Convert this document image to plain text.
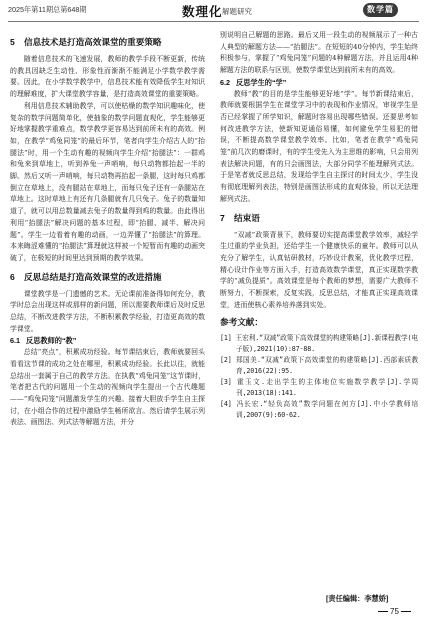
2025年第11期总第648期	数理化 解题研究	数学篇
5 信息技术是打造高效课堂的重要策略

随着信息技术的飞速发展，教师的教学手段不断更新，传统的教具因缺乏生动性、形象性而渐渐不能满足小学数学教学需要。因此，在小学数学教学中，信息技术能有效降低学生对知识的理解难度，扩大课堂教学容量，是打造高效课堂的重要策略。

利用信息技术辅助教学，可以使枯燥的数学知识趣味化，使复杂的数学问题简单化，使抽象的数学问题直观化，学生能够更好地掌握教学重难点，数学教学更容易达到前所未有的高效。例如，在教学“鸡兔同笼”的最后环节，笔者向学生介绍古人的“抬腿法”时，用一个生动有趣的视频向学生介绍“抬腿法”：一群鸡和兔来到草地上，听到养兔一声哨响，每只动物都抬起一半的脚。然后又听一声哨响，每只动物再抬起一条腿，这时每只鸡都倒立在草地上，没有腿站在草地上，而每只兔子还有一条腿站在草地上。这时草地上有还有几条腿就有几只兔子。兔子的数量知道了，就可以用总数量减去兔子的数量得到鸡的数量。由此得出利用“抬腿法”解决问题的基本过程，即“抬腿、减半、解决问题”。学生一边看着有趣的动画，一边弄懂了“抬腿法”的算理。本来晦涩难懂的“抬腿法”算理就这样被一个短暂而有趣的动画突破了，在极短的时间里达到预期的教学效果。

6 反思总结是打造高效课堂的改进措施

课堂教学是一门遗憾的艺术。无论课前准备得如何充分，教学时总会出现这样或那样的新问题，所以需要教师课后及时反思总结，不断改进教学方法，不断积累教学经验，打造更高效的数学课堂。

6.1 反思教师的“教”

总结“亮点”，积累成功经验。每节课结束后，教师就要回头看看这节课的成功之处在哪里，积累成功经验。长此以往，就能总结出一套属于自己的教学方法。在执教“鸡兔同笼”这节课时，笔者把古代的问题用一个生动的视频向学生提出一个古代趣题——“鸡兔同笼”问题激发学生的兴趣。接着大胆放手学生自主探讨，在小组合作的过程中激励学生畅所欲言。然后请学生展示列表法、画图法、列式法等解题方法，并分

别说明自己解题的思路。最后又用一段生动的视频展示了一种古人典型的解题方法——“抬腿法”。在短短的40分钟内，学生始终积极参与，掌握了“鸡兔同笼”问题的4种解题方法，并且运用4种解题方法的联系与区别，使数学课堂达到前所未有的高效。

6.2 反思学生的“学”

教师“教”的目的是学生能够更好地“学”。每节新课结束后，教师就要根据学生在课堂学习中的表现和作业情况，审视学生是否已经掌握了所学知识，解题时容易出现哪些错误。还要思考如何改进教学方法，使新知更通俗易懂，如何避免学生易犯的错误，不断提高数学课堂教学效率。比如，笔者在教学“鸡兔同笼”前几次的磨课时，有的学生受先入为主思维的影响，只会用列表法解决问题，有的只会画图法，大部分同学不能理解列式法。于是笔者就反思总结，发现给学生自主探讨的时间太少，学生没有彻底理解列表法，特别是画图法形成的直观体验，所以无法理解列式法。

7 结束语

“双减”政策背景下，教师要切实提高课堂教学效率，减轻学生过重的学业负担，还给学生一个健康快乐的童年。教师可以从充分了解学生，认真钻研教材，巧妙设计教案，优化教学过程，精心设计作业等方面入手，打造高效数学课堂，真正实现数学教学的“减负提质”。高效课堂是每个教师的梦想，需要广大教师不断努力，不断探索，反复实践，反思总结，才能真正实现高效课堂，进而使核心素养培养落到实处。

参考文献：

[1] 王宏利.“双减”政策下高效课堂的构建策略[J].新课程教学(电子版),2021(10):87-88.

[2] 郑国美.“双减”政策下高效课堂的构建策略[J].西部素质教育,2016(22):95.

[3] 霍玉文.走出学生的主体地位实施数学教学[J].学周刊,2013(18):141.

[4] 冯长宏.“轻负高效”数学问题在何方[J].中小学教师培训,2007(9):60-62.

[责任编辑：李慧娇]
75
